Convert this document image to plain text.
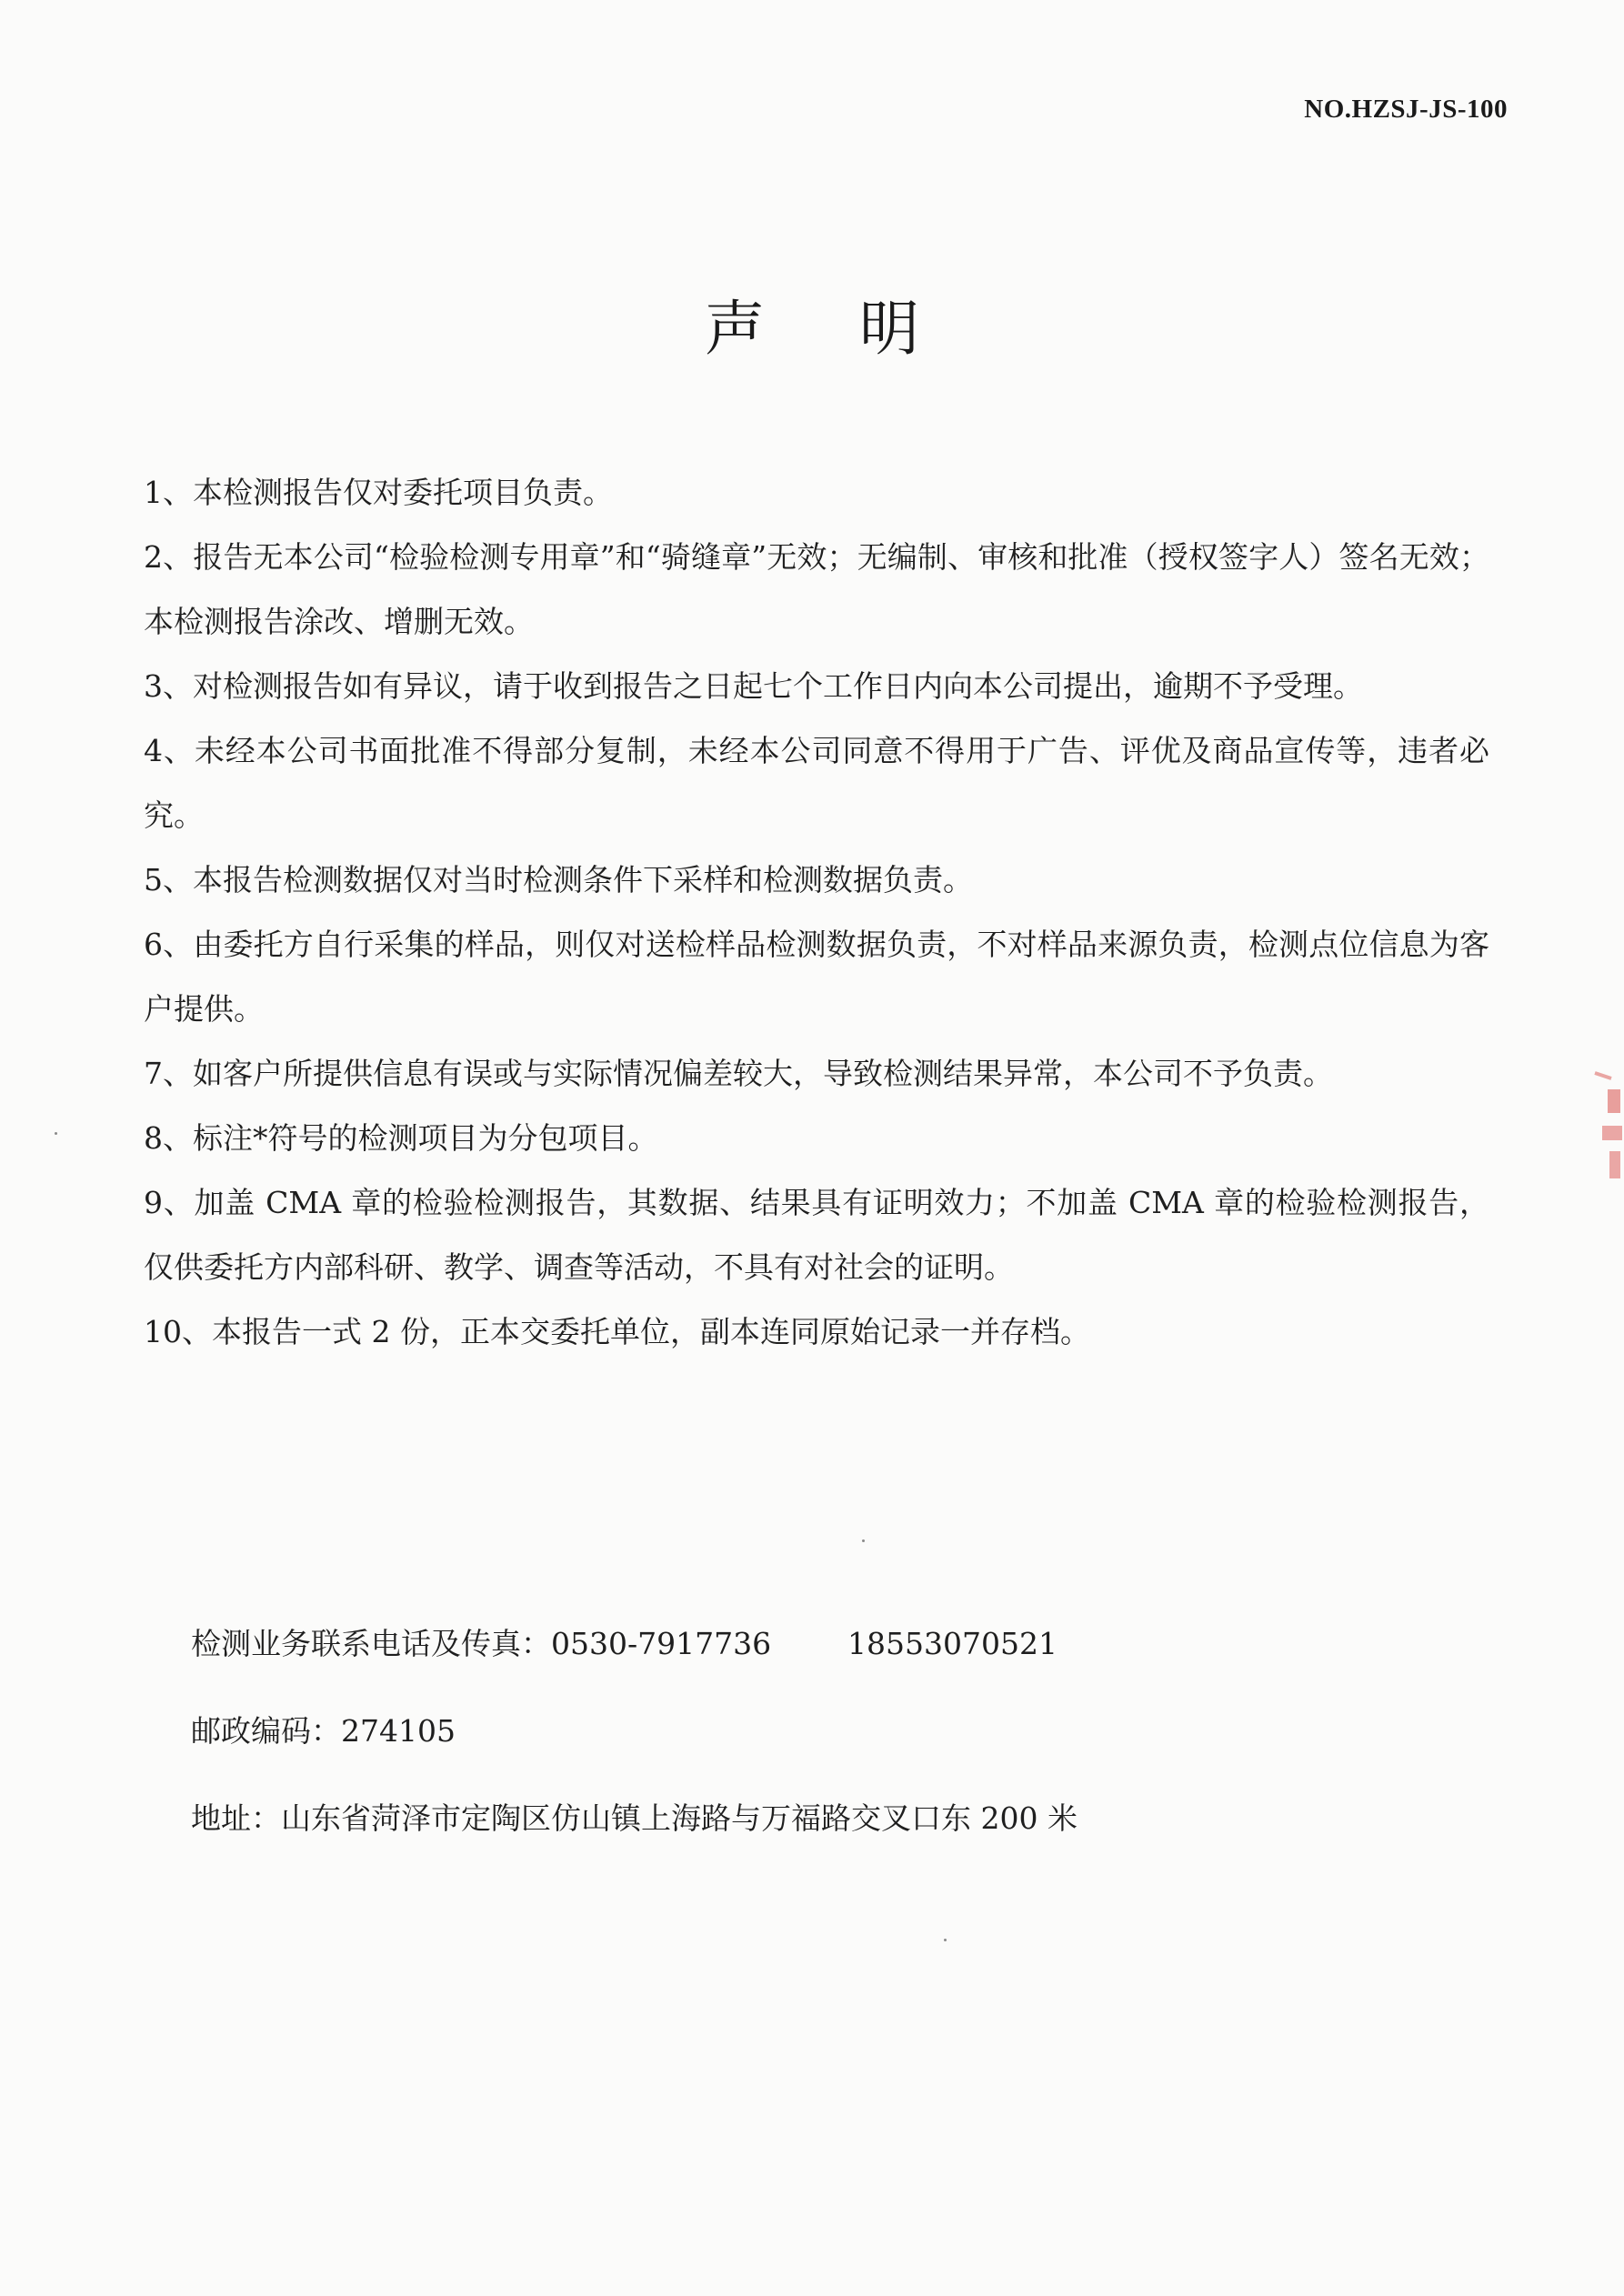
NO.HZSJ-JS-100
声明
1、本检测报告仅对委托项目负责。
2、报告无本公司“检验检测专用章”和“骑缝章”无效；无编制、审核和批准（授权签字人）签名无效；本检测报告涂改、增删无效。
3、对检测报告如有异议，请于收到报告之日起七个工作日内向本公司提出，逾期不予受理。
4、未经本公司书面批准不得部分复制，未经本公司同意不得用于广告、评优及商品宣传等，违者必究。
5、本报告检测数据仅对当时检测条件下采样和检测数据负责。
6、由委托方自行采集的样品，则仅对送检样品检测数据负责，不对样品来源负责，检测点位信息为客户提供。
7、如客户所提供信息有误或与实际情况偏差较大，导致检测结果异常，本公司不予负责。
8、标注*符号的检测项目为分包项目。
9、加盖 CMA 章的检验检测报告，其数据、结果具有证明效力；不加盖 CMA 章的检验检测报告，仅供委托方内部科研、教学、调查等活动，不具有对社会的证明。
10、本报告一式 2 份，正本交委托单位，副本连同原始记录一并存档。

检测业务联系电话及传真：0530-7917736        18553070521

邮政编码：274105

地址：山东省菏泽市定陶区仿山镇上海路与万福路交叉口东 200 米
